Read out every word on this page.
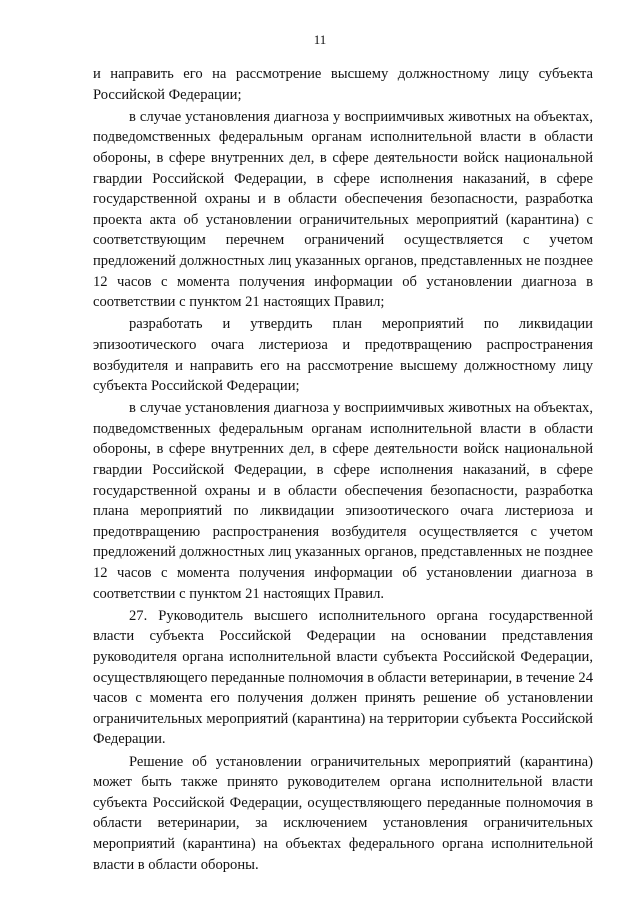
11

и направить его на рассмотрение высшему должностному лицу субъекта Российской Федерации;

в случае установления диагноза у восприимчивых животных на объектах, подведомственных федеральным органам исполнительной власти в области обороны, в сфере внутренних дел, в сфере деятельности войск национальной гвардии Российской Федерации, в сфере исполнения наказаний, в сфере государственной охраны и в области обеспечения безопасности, разработка проекта акта об установлении ограничительных мероприятий (карантина) с соответствующим перечнем ограничений осуществляется с учетом предложений должностных лиц указанных органов, представленных не позднее 12 часов с момента получения информации об установлении диагноза в соответствии с пунктом 21 настоящих Правил;

разработать и утвердить план мероприятий по ликвидации эпизоотического очага листериоза и предотвращению распространения возбудителя и направить его на рассмотрение высшему должностному лицу субъекта Российской Федерации;

в случае установления диагноза у восприимчивых животных на объектах, подведомственных федеральным органам исполнительной власти в области обороны, в сфере внутренних дел, в сфере деятельности войск национальной гвардии Российской Федерации, в сфере исполнения наказаний, в сфере государственной охраны и в области обеспечения безопасности, разработка плана мероприятий по ликвидации эпизоотического очага листериоза и предотвращению распространения возбудителя осуществляется с учетом предложений должностных лиц указанных органов, представленных не позднее 12 часов с момента получения информации об установлении диагноза в соответствии с пунктом 21 настоящих Правил.

27. Руководитель высшего исполнительного органа государственной власти субъекта Российской Федерации на основании представления руководителя органа исполнительной власти субъекта Российской Федерации, осуществляющего переданные полномочия в области ветеринарии, в течение 24 часов с момента его получения должен принять решение об установлении ограничительных мероприятий (карантина) на территории субъекта Российской Федерации.

Решение об установлении ограничительных мероприятий (карантина) может быть также принято руководителем органа исполнительной власти субъекта Российской Федерации, осуществляющего переданные полномочия в области ветеринарии, за исключением установления ограничительных мероприятий (карантина) на объектах федерального органа исполнительной власти в области обороны.
